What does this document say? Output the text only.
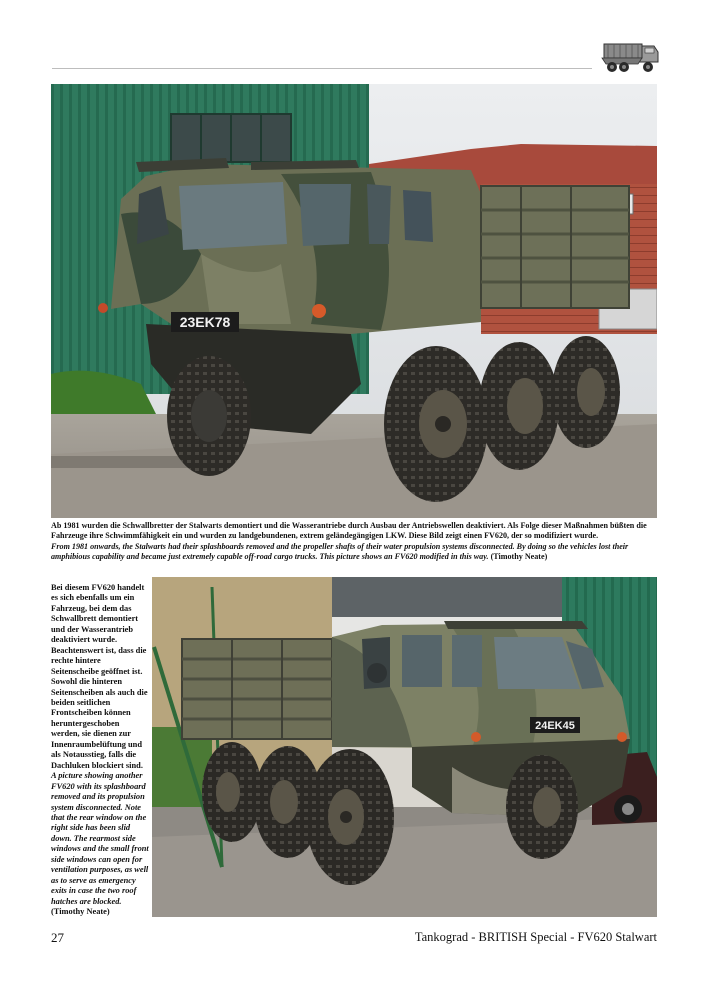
23EK78
Ab 1981 wurden die Schwallbretter der Stalwarts demontiert und die Wasserantriebe durch Ausbau der Antriebswellen deaktiviert. Als Folge dieser Maßnahmen büßten die Fahrzeuge ihre Schwimmfähigkeit ein und wurden zu landgebundenen, extrem geländegängigen LKW. Diese Bild zeigt einen FV620, der so modifiziert wurde.
From 1981 onwards, the Stalwarts had their splashboards removed and the propeller shafts of their water propulsion systems disconnected. By doing so the vehicles lost their amphibious capability and became just extremely capable off-road cargo trucks. This picture shows an FV620 modified in this way. (Timothy Neate)
Bei diesem FV620 handelt es sich ebenfalls um ein Fahrzeug, bei dem das Schwallbrett demontiert und der Wasserantrieb deaktiviert wurde. Beachtenswert ist, dass die rechte hintere Seitenscheibe geöffnet ist. Sowohl die hinteren Seitenscheiben als auch die beiden seitlichen Frontscheiben können heruntergeschoben werden, sie dienen zur Innenraumbelüftung und als Notausstieg, falls die Dachluken blockiert sind. A picture showing another FV620 with its splashboard removed and its propulsion system disconnected. Note that the rear window on the right side has been slid down. The rearmost side windows and the small front side windows can open for ventilation purposes, as well as to serve as emergency exits in case the two roof hatches are blocked.
(Timothy Neate)
24EK45
27	Tankograd - BRITISH Special - FV620 Stalwart
